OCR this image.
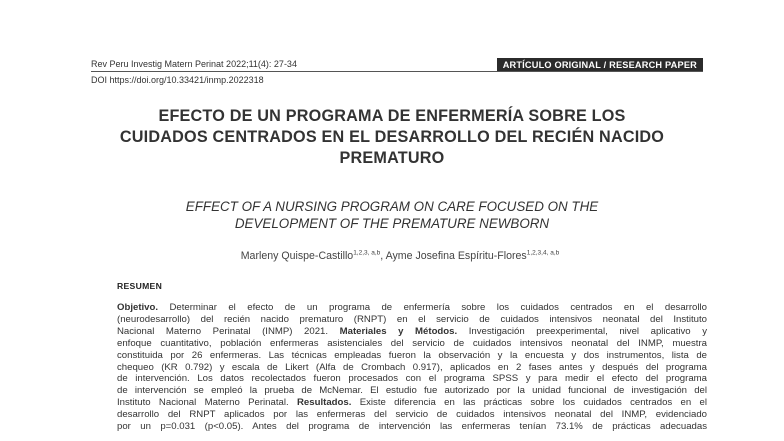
Rev Peru Investig Matern Perinat 2022;11(4): 27-34	ARTÍCULO ORIGINAL / RESEARCH PAPER
DOI https://doi.org/10.33421/inmp.2022318
EFECTO DE UN PROGRAMA DE ENFERMERÍA SOBRE LOS
CUIDADOS CENTRADOS EN EL DESARROLLO DEL RECIÉN NACIDO
PREMATURO
EFFECT OF A NURSING PROGRAM ON CARE FOCUSED ON THE
DEVELOPMENT OF THE PREMATURE NEWBORN
Marleny Quispe-Castillo$^{1,2,3, a,b}$, Ayme Josefina Espíritu-Flores$^{1,2,3,4, a,b}$
RESUMEN
Objetivo. Determinar el efecto de un programa de enfermería sobre los cuidados centrados en el desarrollo
(neurodesarrollo) del recién nacido prematuro (RNPT) en el servicio de cuidados intensivos neonatal del Instituto
Nacional Materno Perinatal (INMP) 2021. Materiales y Métodos. Investigación preexperimental, nivel aplicativo y
enfoque cuantitativo, población enfermeras asistenciales del servicio de cuidados intensivos neonatal del INMP, muestra
constituida por 26 enfermeras. Las técnicas empleadas fueron la observación y la encuesta y dos instrumentos, lista de
chequeo (KR 0.792) y escala de Likert (Alfa de Crombach 0.917), aplicados en 2 fases antes y después del programa
de intervención. Los datos recolectados fueron procesados con el programa SPSS y para medir el efecto del programa
de intervención se empleó la prueba de McNemar. El estudio fue autorizado por la unidad funcional de investigación del
Instituto Nacional Materno Perinatal. Resultados. Existe diferencia en las prácticas sobre los cuidados centrados en el
desarrollo del RNPT aplicados por las enfermeras del servicio de cuidados intensivos neonatal del INMP, evidenciado
por un p=0.031 (p<0.05). Antes del programa de intervención las enfermeras tenían 73.1% de prácticas adecuadas
